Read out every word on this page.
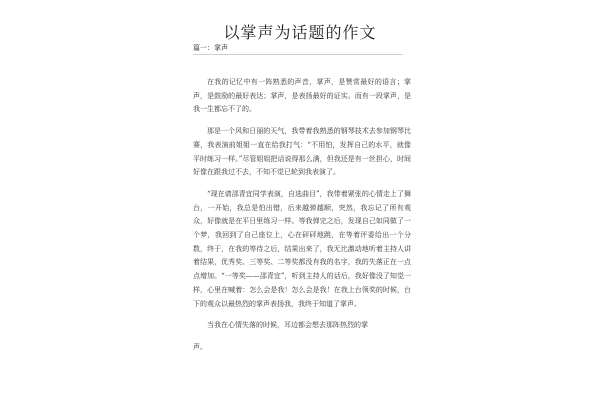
以掌声为话题的作文
篇一：掌声

在我的记忆中有一阵熟悉的声音，掌声，是赞赏最好的语言；掌声，是鼓励的最好表达；掌声，是表扬最好的证实。而有一段掌声，是我一生都忘不了的。

那是一个风和日丽的天气，我带着我熟悉的钢琴技术去参加钢琴比赛，我表演前姐姐一直在给我打气：“不用怕，发挥自己的水平，就像平时练习一样。”尽管姐姐把话说得那么满，但我还是有一丝担心，时间好像在跟我过不去，不知不觉已轮到我表演了。

“现在请邵青宜同学表演，自选曲目”，我带着紧张的心情走上了舞台，一开始，我总是怕出错，后来越弹越顺，突然，我忘记了所有观众，好像就是在平日里练习一样。等我弹完之后，发现自己如同做了一个梦，我回到了自己座位上，心在砰砰地跳，在等着评委给出一个分数，终于，在我的等待之后，结果出来了，我无比激动地听着主持人讲着结果，优秀奖、三等奖、二等奖都没有我的名字，我的失落正在一点点增加。“一等奖——邵青宜”，听到主持人的话后，我好像没了知觉一样，心里在喊着：怎么会是我！怎么会是我！在我上台领奖的时候，台下的观众以最热烈的掌声表扬我，我终于知道了掌声。

当我在心情失落的时候，耳边都会想去那阵热烈的掌

声。
